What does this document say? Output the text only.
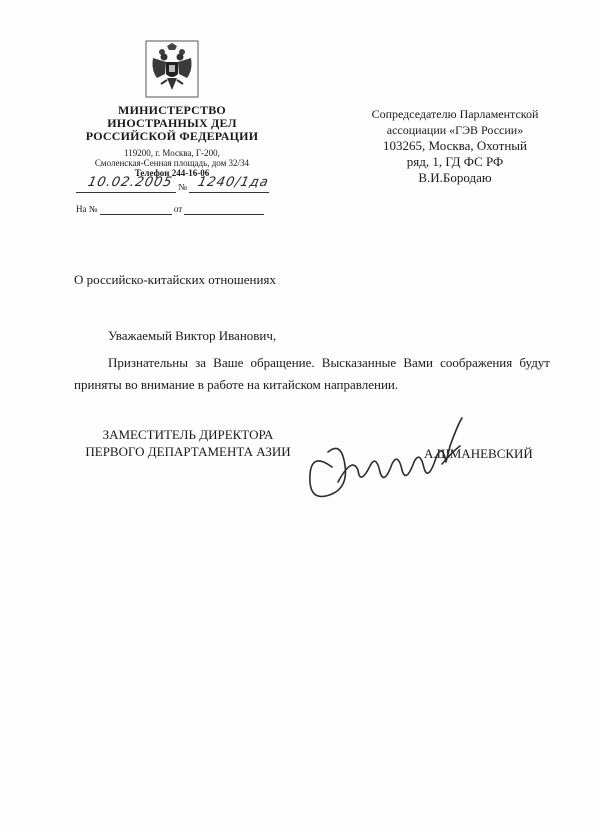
МИНИСТЕРСТВО
ИНОСТРАННЫХ ДЕЛ
РОССИЙСКОЙ ФЕДЕРАЦИИ
119200, г. Москва, Г-200,
Смоленская-Сенная площадь, дом 32/34
Телефон 244-16-06
№
10.02.2005 1240/1да
На №	от
Сопредседателю Парламентской
ассоциации «ГЭВ России»
103265, Москва, Охотный
ряд, 1, ГД ФС РФ
В.И.Бородаю
О российско-китайских отношениях
Уважаемый Виктор Иванович,
Признательны за Ваше обращение. Высказанные Вами соображения будут приняты во внимание в работе на китайском направлении.
ЗАМЕСТИТЕЛЬ ДИРЕКТОРА
ПЕРВОГО ДЕПАРТАМЕНТА АЗИИ	А.ШМАНЕВСКИЙ
